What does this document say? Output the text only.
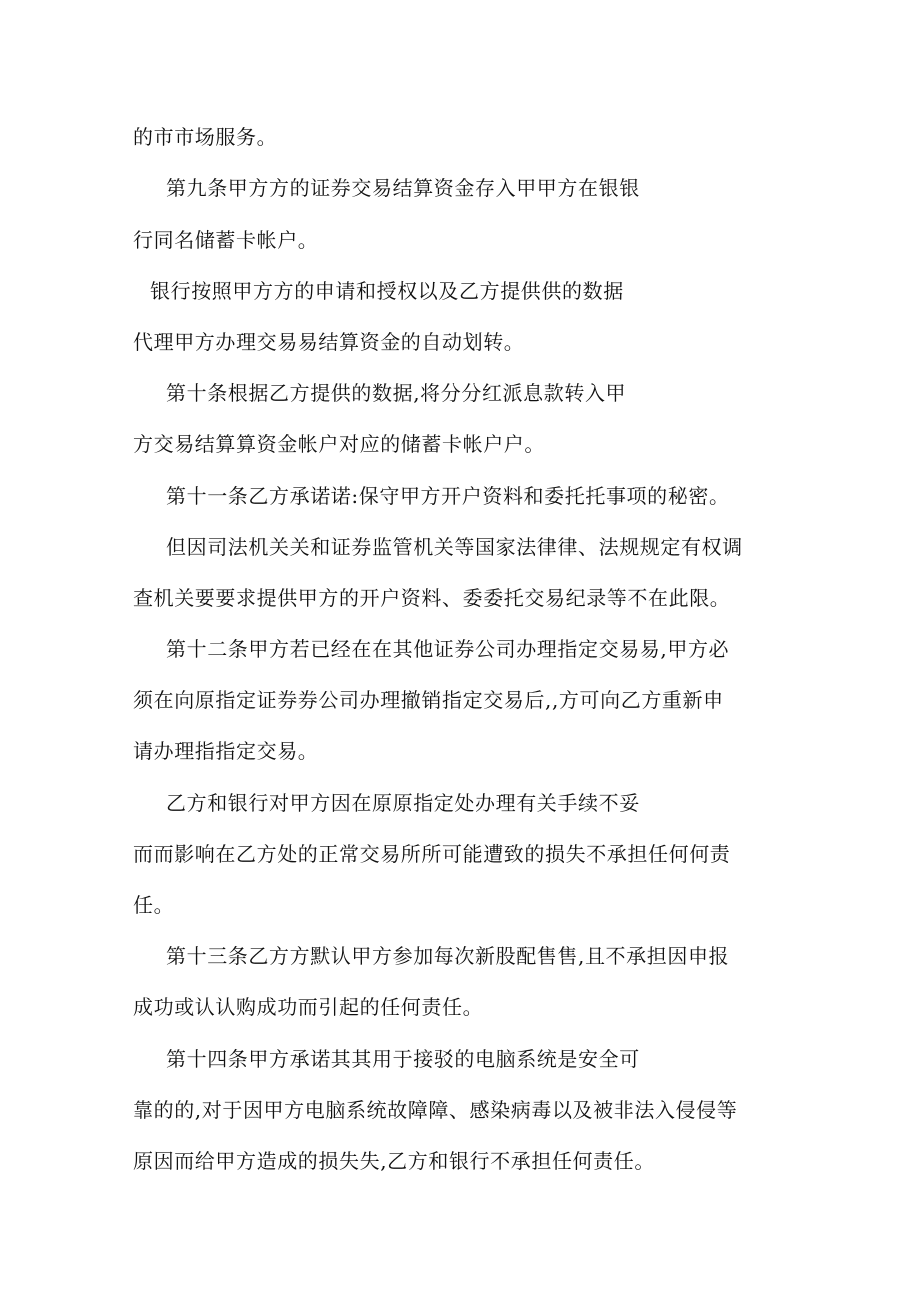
的市市场服务。
第九条甲方方的证券交易结算资金存入甲甲方在银银
行同名储蓄卡帐户。
银行按照甲方方的申请和授权以及乙方提供供的数据
代理甲方办理交易易结算资金的自动划转。
第十条根据乙方提供的数据,将分分红派息款转入甲
方交易结算算资金帐户对应的储蓄卡帐户户。
第十一条乙方承诺诺:保守甲方开户资料和委托托事项的秘密。
但因司法机关关和证券监管机关等国家法律律、法规规定有权调
查机关要要求提供甲方的开户资料、委委托交易纪录等不在此限。
第十二条甲方若已经在在其他证券公司办理指定交易易,甲方必
须在向原指定证券券公司办理撤销指定交易后,,方可向乙方重新申
请办理指指定交易。
乙方和银行对甲方因在原原指定处办理有关手续不妥
而而影响在乙方处的正常交易所所可能遭致的损失不承担任何何责
任。
第十三条乙方方默认甲方参加每次新股配售售,且不承担因申报
成功或认认购成功而引起的任何责任。
第十四条甲方承诺其其用于接驳的电脑系统是安全可
靠的的,对于因甲方电脑系统故障障、感染病毒以及被非法入侵侵等
原因而给甲方造成的损失失,乙方和银行不承担任何责任。
